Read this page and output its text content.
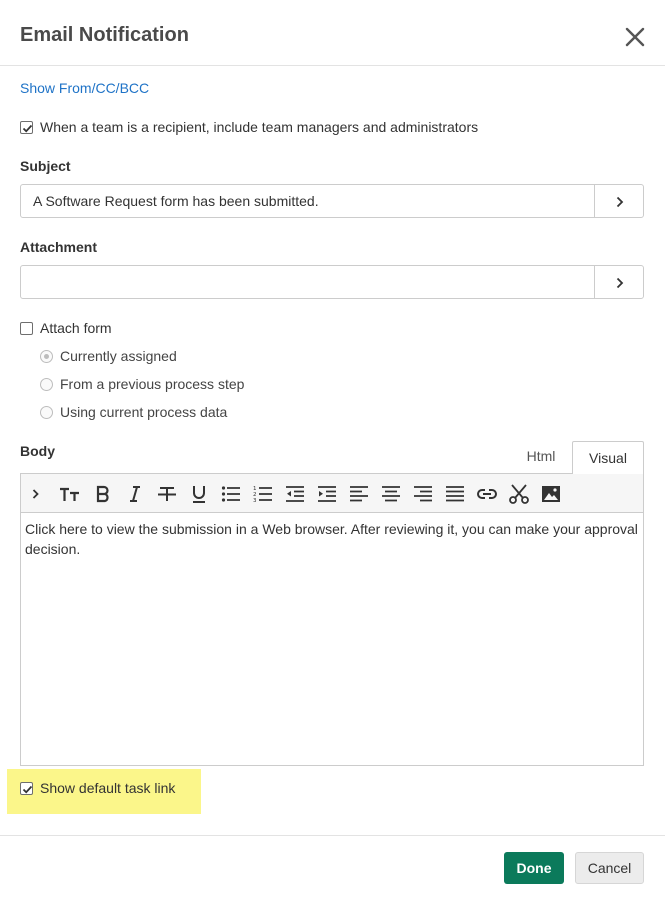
Email Notification
Show From/CC/BCC
When a team is a recipient, include team managers and administrators
Subject
A Software Request form has been submitted.
Attachment
Attach form
Currently assigned
From a previous process step
Using current process data
Body	Html	Visual
1
2
3
Click here to view the submission in a Web browser. After reviewing it, you can make your approval decision.
Show default task link
Done	Cancel
